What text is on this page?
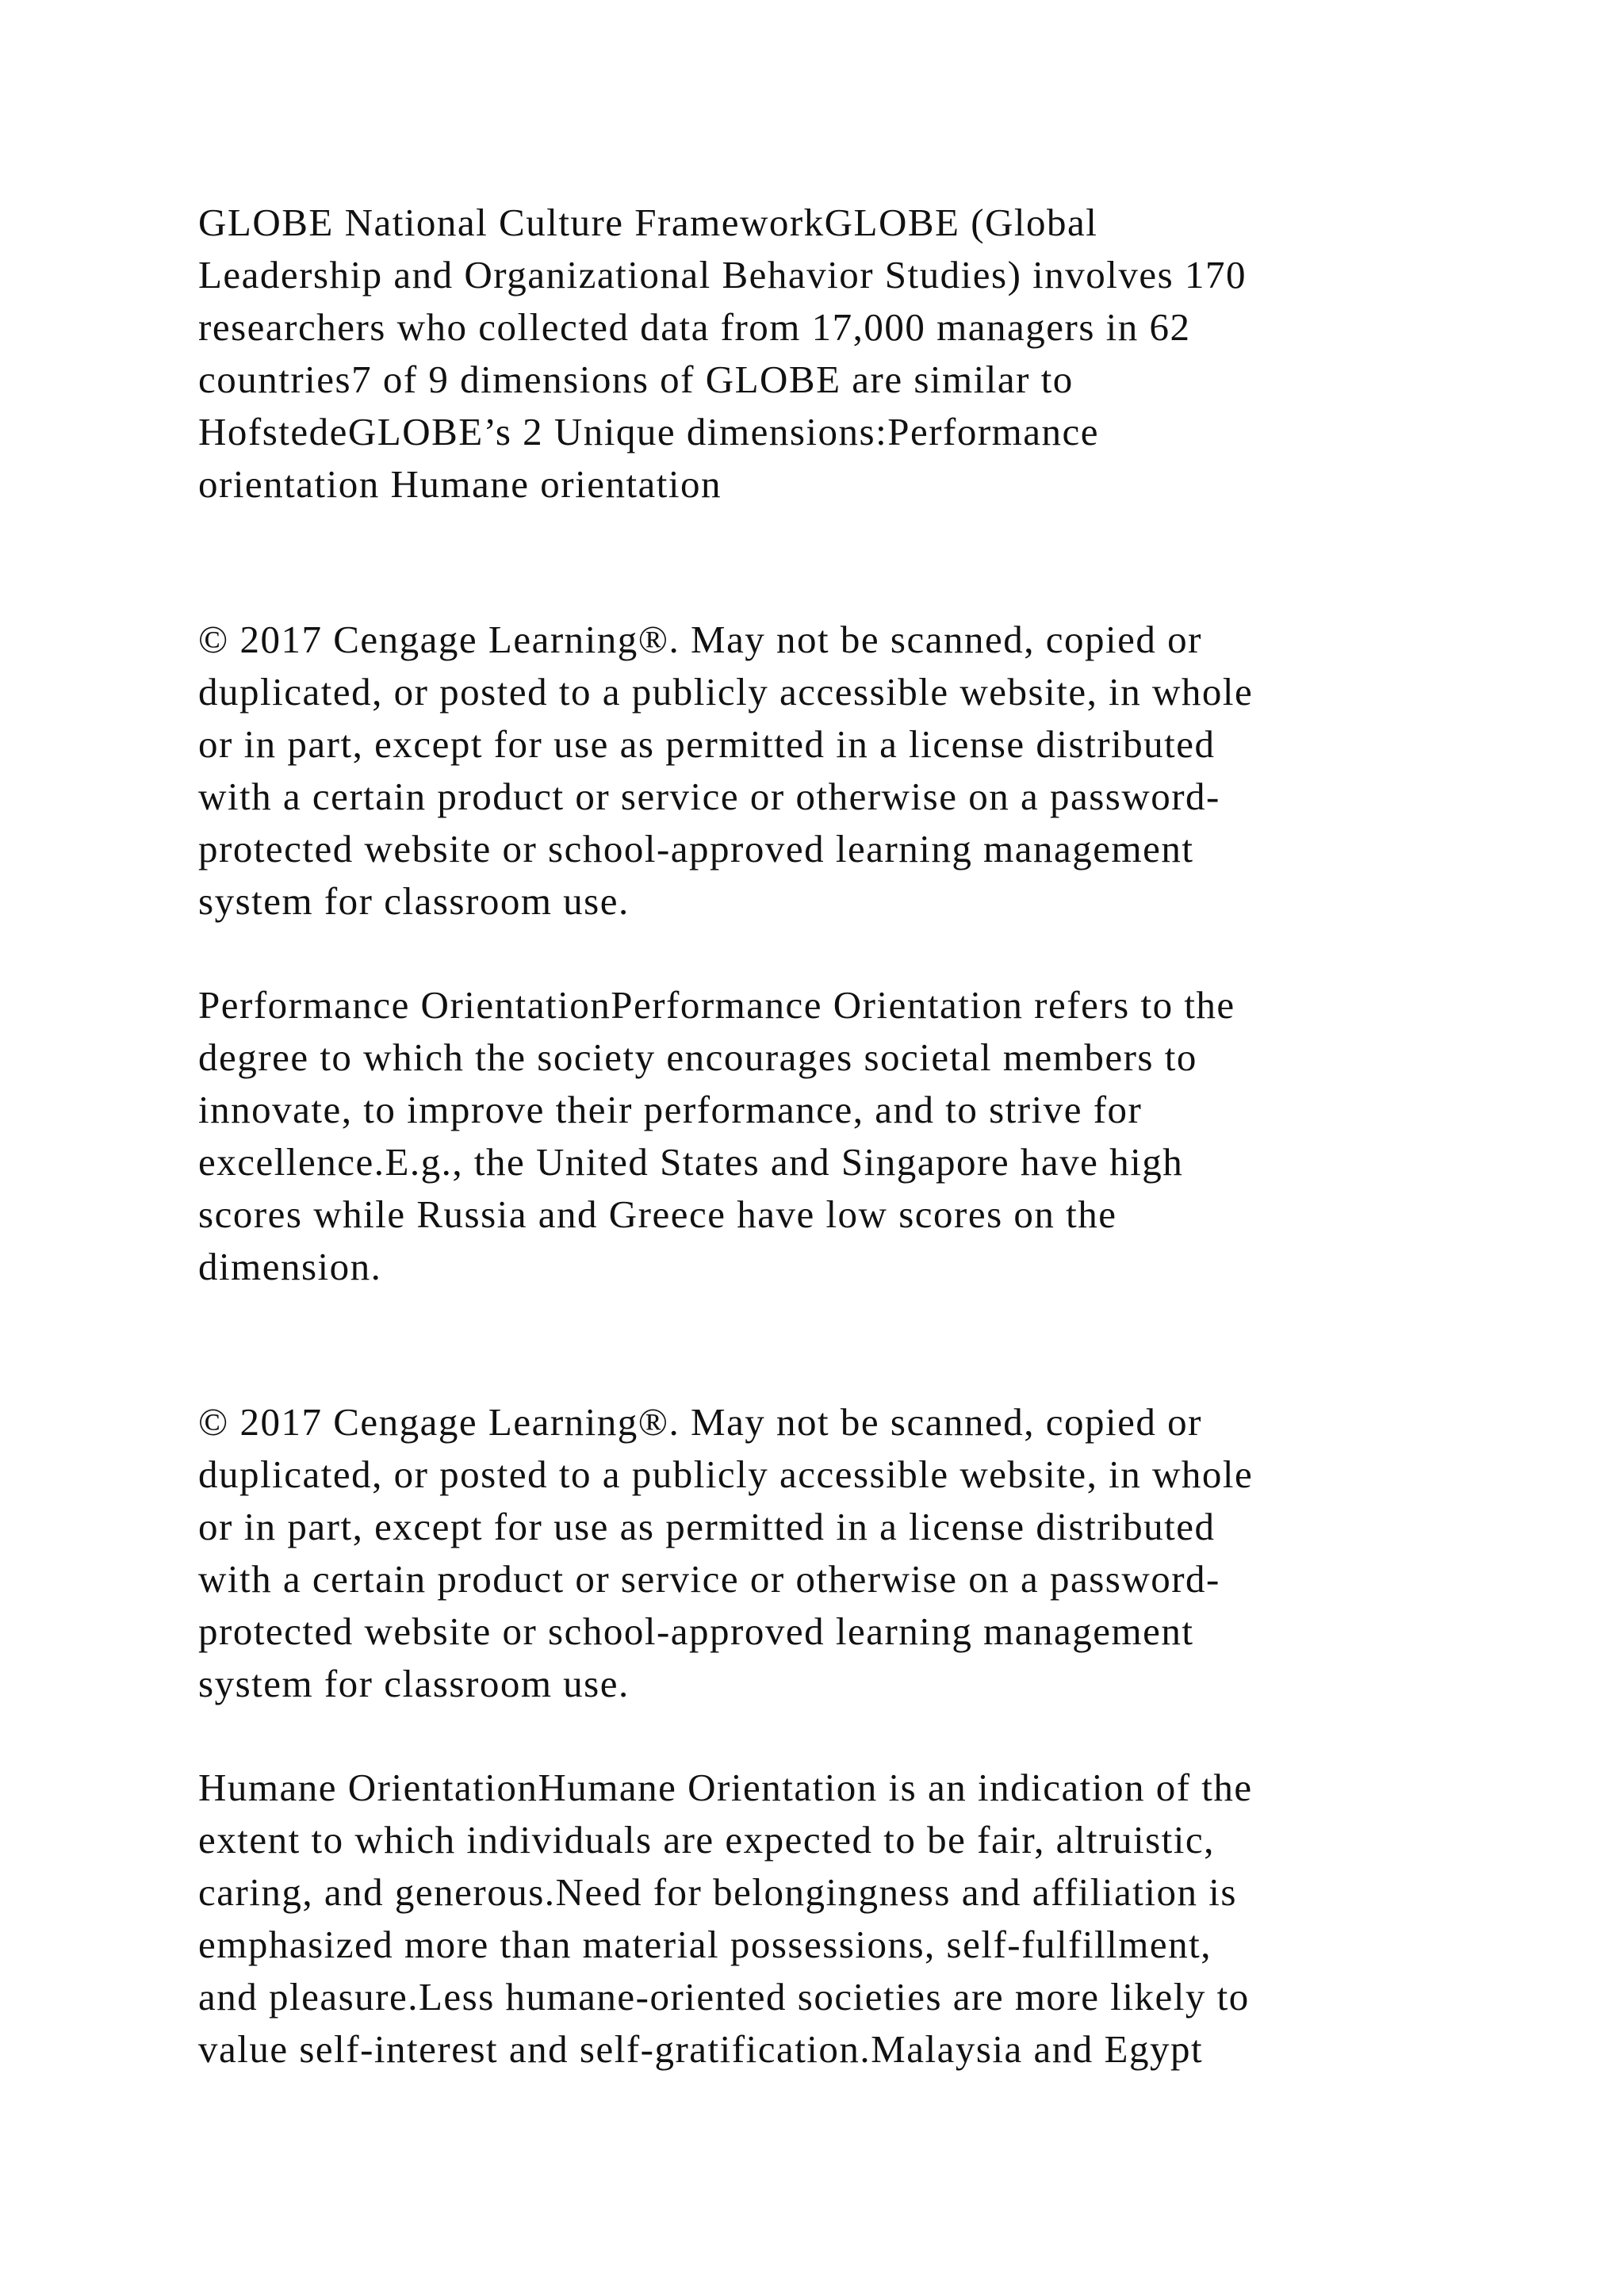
GLOBE National Culture FrameworkGLOBE (Global
Leadership and Organizational Behavior Studies) involves 170
researchers who collected data from 17,000 managers in 62
countries7 of 9 dimensions of GLOBE are similar to
HofstedeGLOBE’s 2 Unique dimensions:Performance
orientation Humane orientation

© 2017 Cengage Learning®. May not be scanned, copied or
duplicated, or posted to a publicly accessible website, in whole
or in part, except for use as permitted in a license distributed
with a certain product or service or otherwise on a password-
protected website or school-approved learning management
system for classroom use.

Performance OrientationPerformance Orientation refers to the
degree to which the society encourages societal members to
innovate, to improve their performance, and to strive for
excellence.E.g., the United States and Singapore have high
scores while Russia and Greece have low scores on the
dimension.

© 2017 Cengage Learning®. May not be scanned, copied or
duplicated, or posted to a publicly accessible website, in whole
or in part, except for use as permitted in a license distributed
with a certain product or service or otherwise on a password-
protected website or school-approved learning management
system for classroom use.

Humane OrientationHumane Orientation is an indication of the
extent to which individuals are expected to be fair, altruistic,
caring, and generous.Need for belongingness and affiliation is
emphasized more than material possessions, self-fulfillment,
and pleasure.Less humane-oriented societies are more likely to
value self-interest and self-gratification.Malaysia and Egypt
